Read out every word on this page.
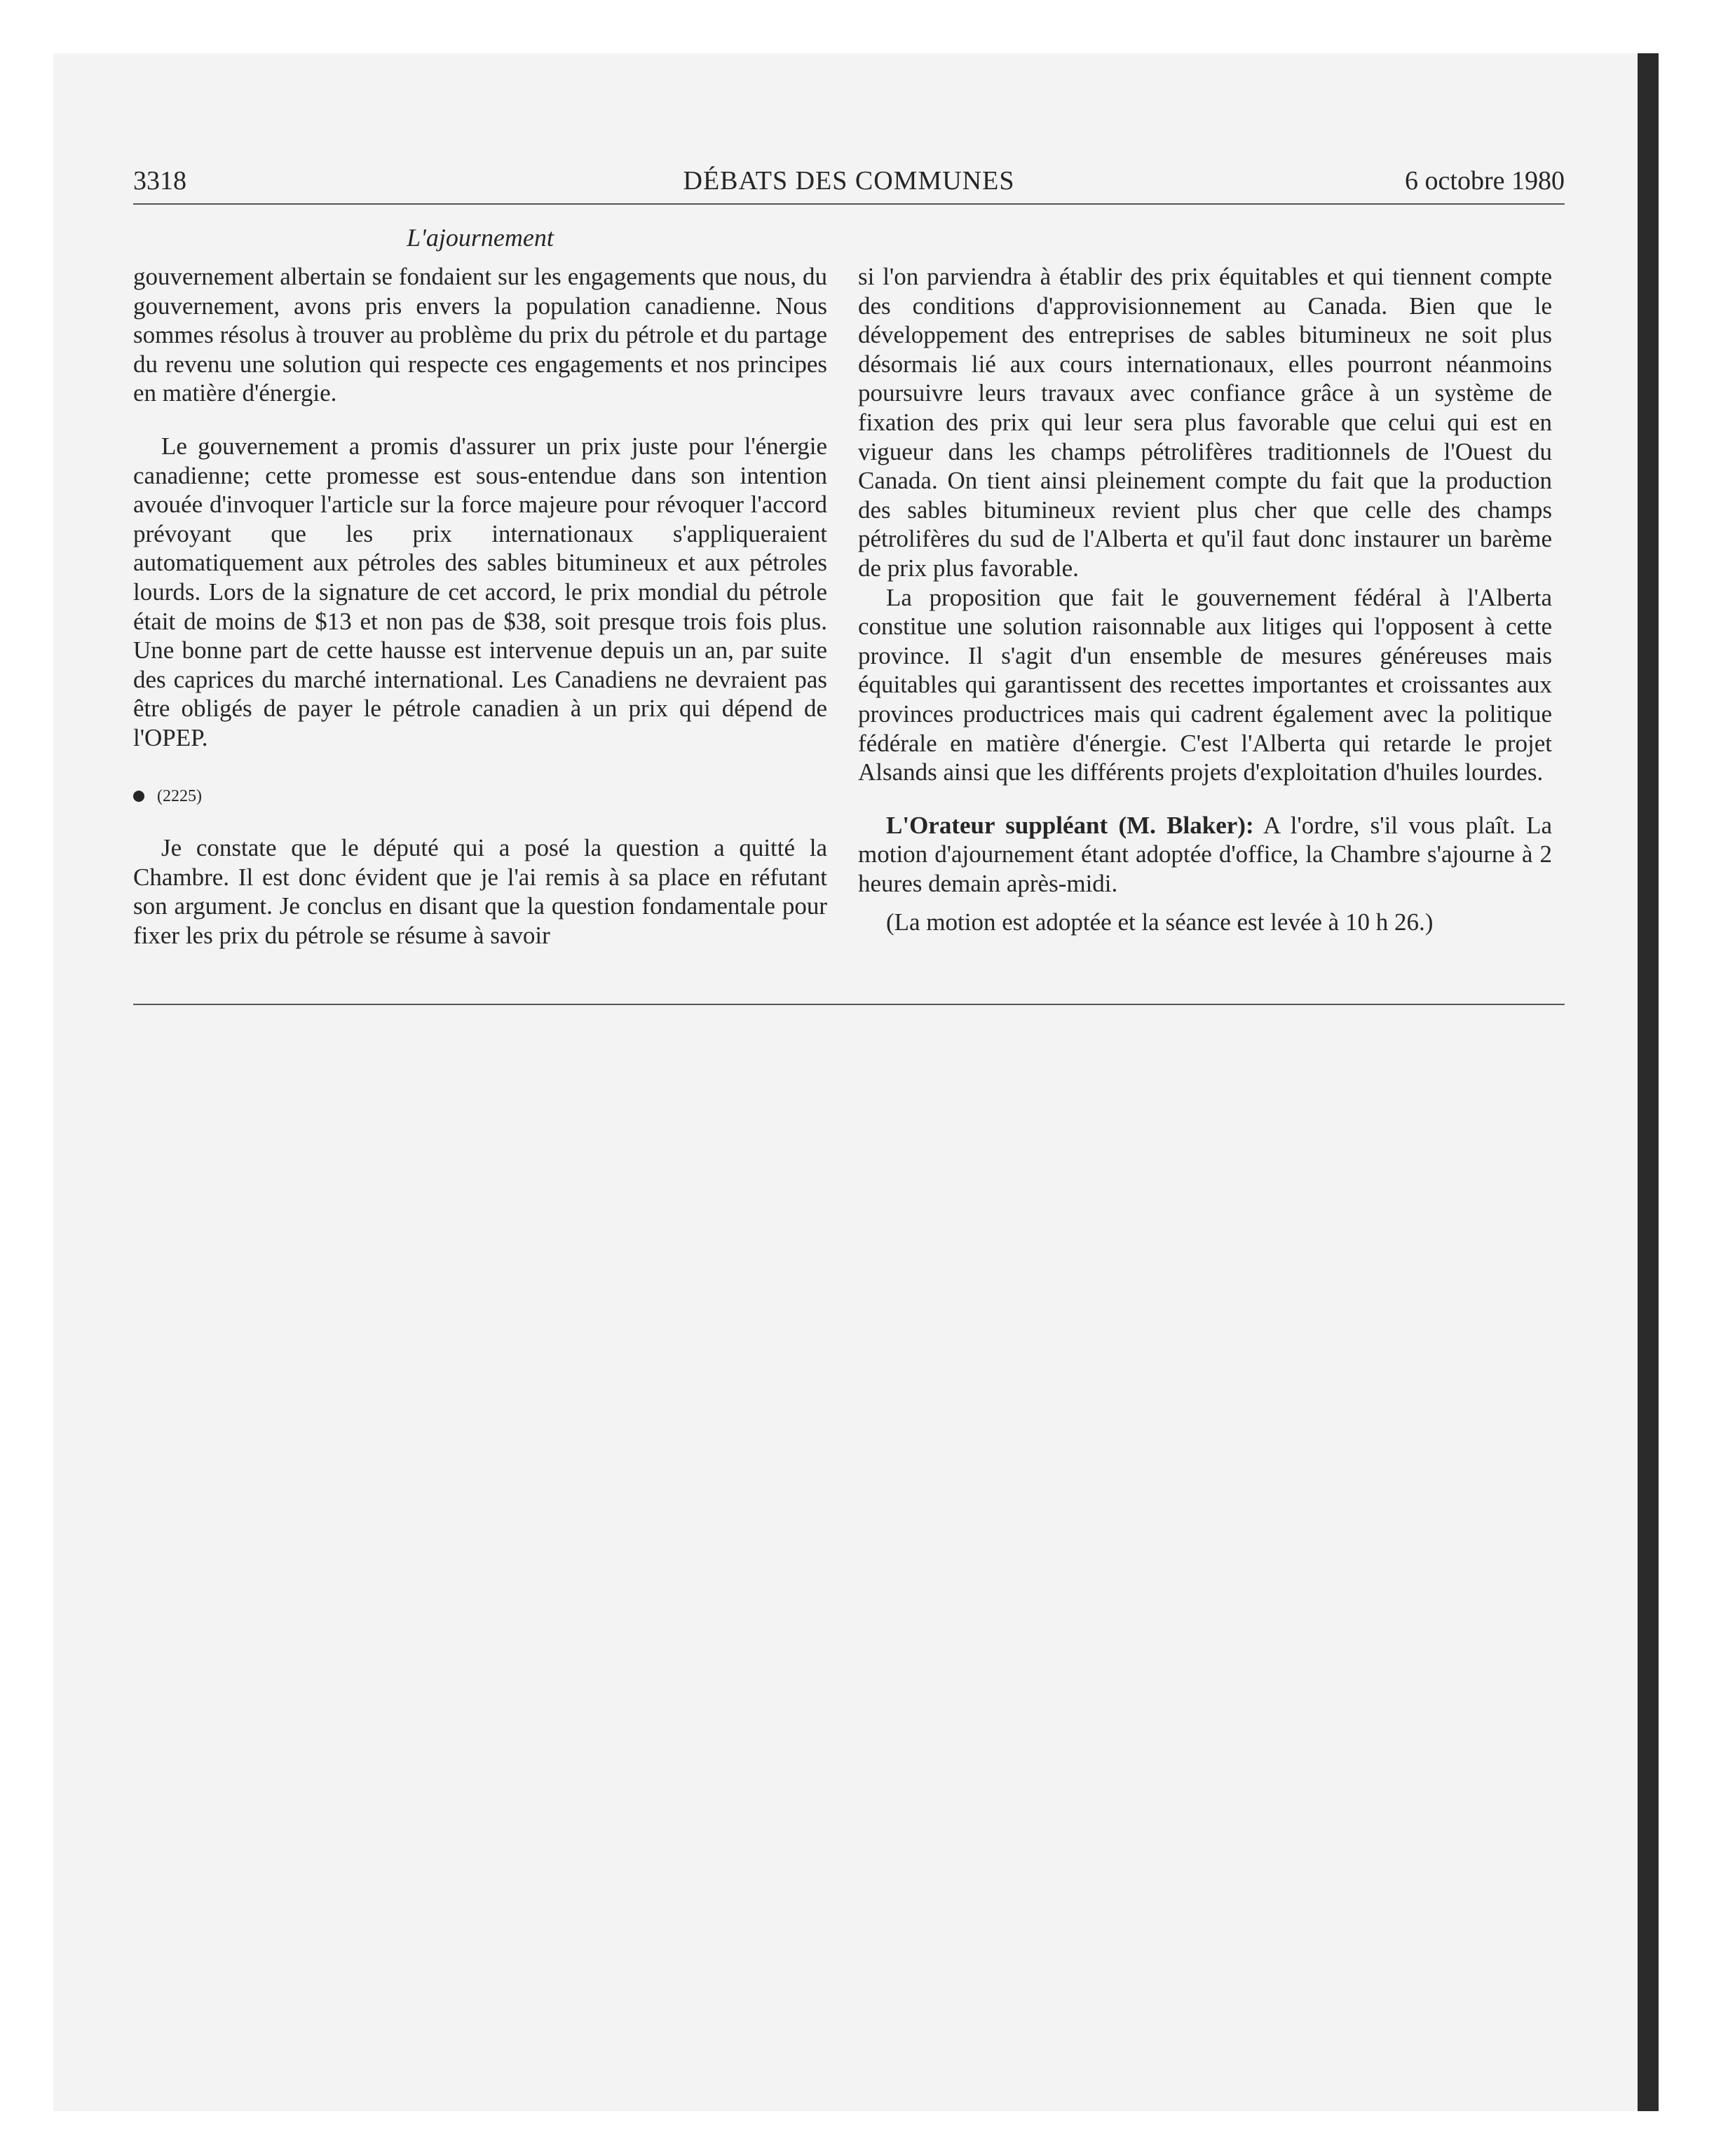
3318	DÉBATS DES COMMUNES	6 octobre 1980
L'ajournement

gouvernement albertain se fondaient sur les engagements que nous, du gouvernement, avons pris envers la population canadienne. Nous sommes résolus à trouver au problème du prix du pétrole et du partage du revenu une solution qui respecte ces engagements et nos principes en matière d'énergie.

Le gouvernement a promis d'assurer un prix juste pour l'énergie canadienne; cette promesse est sous-entendue dans son intention avouée d'invoquer l'article sur la force majeure pour révoquer l'accord prévoyant que les prix internationaux s'appliqueraient automatiquement aux pétroles des sables bitumineux et aux pétroles lourds. Lors de la signature de cet accord, le prix mondial du pétrole était de moins de $13 et non pas de $38, soit presque trois fois plus. Une bonne part de cette hausse est intervenue depuis un an, par suite des caprices du marché international. Les Canadiens ne devraient pas être obligés de payer le pétrole canadien à un prix qui dépend de l'OPEP.

(2225)

Je constate que le député qui a posé la question a quitté la Chambre. Il est donc évident que je l'ai remis à sa place en réfutant son argument. Je conclus en disant que la question fondamentale pour fixer les prix du pétrole se résume à savoir

si l'on parviendra à établir des prix équitables et qui tiennent compte des conditions d'approvisionnement au Canada. Bien que le développement des entreprises de sables bitumineux ne soit plus désormais lié aux cours internationaux, elles pourront néanmoins poursuivre leurs travaux avec confiance grâce à un système de fixation des prix qui leur sera plus favorable que celui qui est en vigueur dans les champs pétrolifères traditionnels de l'Ouest du Canada. On tient ainsi pleinement compte du fait que la production des sables bitumineux revient plus cher que celle des champs pétrolifères du sud de l'Alberta et qu'il faut donc instaurer un barème de prix plus favorable.

La proposition que fait le gouvernement fédéral à l'Alberta constitue une solution raisonnable aux litiges qui l'opposent à cette province. Il s'agit d'un ensemble de mesures généreuses mais équitables qui garantissent des recettes importantes et croissantes aux provinces productrices mais qui cadrent également avec la politique fédérale en matière d'énergie. C'est l'Alberta qui retarde le projet Alsands ainsi que les différents projets d'exploitation d'huiles lourdes.

L'Orateur suppléant (M. Blaker): A l'ordre, s'il vous plaît. La motion d'ajournement étant adoptée d'office, la Chambre s'ajourne à 2 heures demain après-midi.

(La motion est adoptée et la séance est levée à 10 h 26.)
